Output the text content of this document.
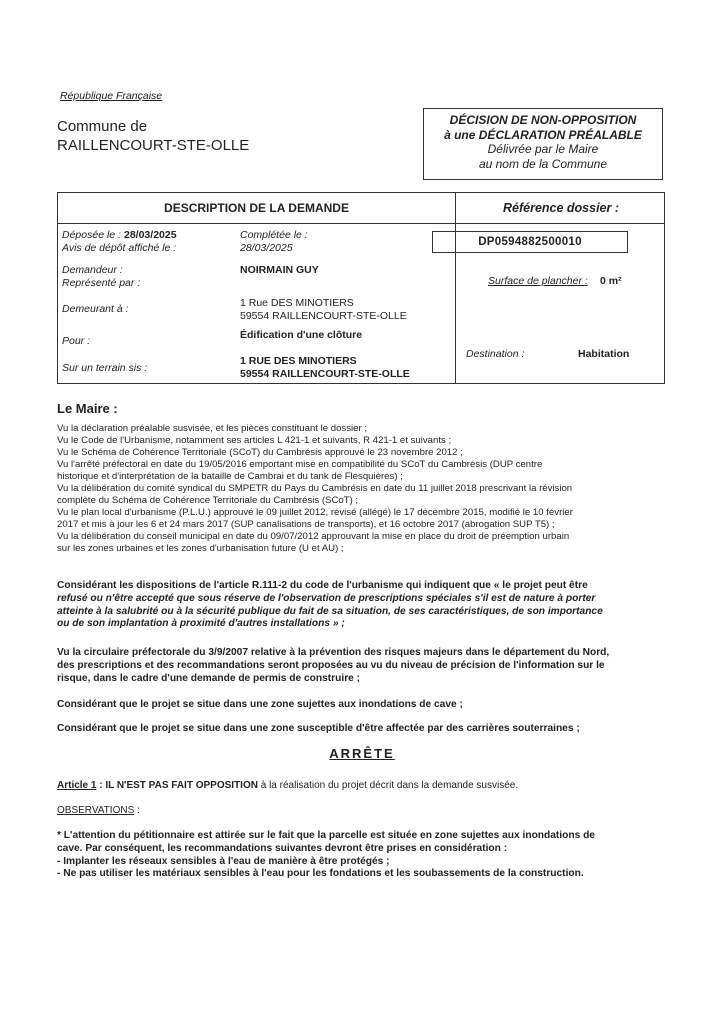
République Française
Commune de
RAILLENCOURT-STE-OLLE
DÉCISION DE NON-OPPOSITION
à une DÉCLARATION PRÉALABLE
Délivrée par le Maire
au nom de la Commune
DESCRIPTION DE LA DEMANDE	Référence dossier :
Déposée le : 28/03/2025
Avis de dépôt affiché le :
Complétée le :
28/03/2025
Demandeur :	NOIRMAIN GUY
Représenté par :
Demeurant à :	1 Rue DES MINOTIERS
59554 RAILLENCOURT-STE-OLLE
Pour :	Édification d'une clôture
Sur un terrain sis :
1 RUE DES MINOTIERS
59554 RAILLENCOURT-STE-OLLE
DP0594882500010
Surface de plancher : 0 m²
Destination :	Habitation
Le Maire :
Vu la déclaration préalable susvisée, et les pièces constituant le dossier ;
Vu le Code de l'Urbanisme, notamment ses articles L 421-1 et suivants, R 421-1 et suivants ;
Vu le Schéma de Cohérence Territoriale (SCoT) du Cambrésis approuvé le 23 novembre 2012 ;
Vu l'arrêté préfectoral en date du 19/05/2016 emportant mise en compatibilité du SCoT du Cambrésis (DUP centre
historique et d'interprétation de la bataille de Cambrai et du tank de Flesquières) ;
Vu la délibération du comité syndical du SMPETR du Pays du Cambrésis en date du 11 juillet 2018 prescrivant la révision
complète du Schéma de Cohérence Territoriale du Cambrésis (SCoT) ;
Vu le plan local d'urbanisme (P.L.U.) approuvé le 09 juillet 2012, révisé (allégé) le 17 décembre 2015, modifié le 10 février
2017 et mis à jour les 6 et 24 mars 2017 (SUP canalisations de transports), et 16 octobre 2017 (abrogation SUP T5) ;
Vu la délibération du conseil municipal en date du 09/07/2012 approuvant la mise en place du droit de préemption urbain
sur les zones urbaines et les zones d'urbanisation future (U et AU) ;
Considérant les dispositions de l'article R.111-2 du code de l'urbanisme qui indiquent que « le projet peut être
refusé ou n'être accepté que sous réserve de l'observation de prescriptions spéciales s'il est de nature à porter
atteinte à la salubrité ou à la sécurité publique du fait de sa situation, de ses caractéristiques, de son importance
ou de son implantation à proximité d'autres installations » ;
Vu la circulaire préfectorale du 3/9/2007 relative à la prévention des risques majeurs dans le département du Nord,
des prescriptions et des recommandations seront proposées au vu du niveau de précision de l'information sur le
risque, dans le cadre d'une demande de permis de construire ;
Considérant que le projet se situe dans une zone sujettes aux inondations de cave ;
Considérant que le projet se situe dans une zone susceptible d'être affectée par des carrières souterraines ;
ARRÊTE
Article 1 : IL N'EST PAS FAIT OPPOSITION à la réalisation du projet décrit dans la demande susvisée.
OBSERVATIONS :
* L'attention du pétitionnaire est attirée sur le fait que la parcelle est située en zone sujettes aux inondations de
cave. Par conséquent, les recommandations suivantes devront être prises en considération :
- Implanter les réseaux sensibles à l'eau de manière à être protégés ;
- Ne pas utiliser les matériaux sensibles à l'eau pour les fondations et les soubassements de la construction.
